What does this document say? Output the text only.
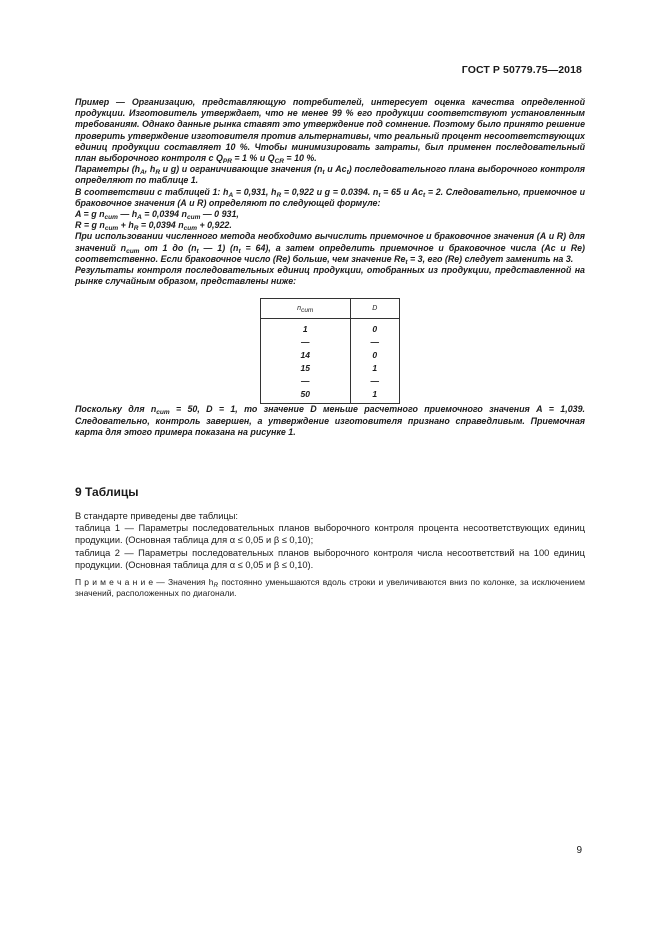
ГОСТ Р 50779.75—2018

Пример — Организацию, представляющую потребителей, интересует оценка качества определенной продукции. Изготовитель утверждает, что не менее 99 % его продукции соответствуют установленным требованиям. Однако данные рынка ставят это утверждение под сомнение. Поэтому было принято решение проверить утверждение изготовителя против альтернативы, что реальный процент несоответствующих единиц продукции составляет 10 %. Чтобы минимизировать затраты, был применен последовательный план выборочного контроля с $Q_{PR} = 1$ % и $Q_{CR} = 10$ %.

Параметры ($h_A$, $h_R$ и g) и ограничивающие значения ($n_t$ и $Ac_t$) последовательного плана выборочного контроля определяют по таблице 1.

В соответствии с таблицей 1: $h_A = 0,931$, $h_R = 0,922$ и g = 0.0394. $n_t = 65$ и $Ac_t = 2$. Следовательно, приемочное и браковочное значения (А и R) определяют по следующей формуле:

A = g $n_{cum}$ — $h_A = 0,0394$ $n_{cum}$ — 0 931,

R = g $n_{cum} + h_R = 0,0394$ $n_{cum} + 0,922$.

При использовании численного метода необходимо вычислить приемочное и браковочное значения (А и R) для значений $n_{cum}$ от 1 до ($n_t$ — 1) $(n_t = 64)$, а затем определить приемочное и браковочное числа (Ac и Re) соответственно. Если браковочное число (Re) больше, чем значение $Re_t = 3$, его (Re) следует заменить на 3.

Результаты контроля последовательных единиц продукции, отобранных из продукции, представленной на рынке случайным образом, представлены ниже:

$n_{cum}$	D
1	0
—	—
14	0
15	1
—	—
50	1

Поскольку для $n_{cum} = 50$, D = 1, то значение D меньше расчетного приемочного значения А = 1,039. Следовательно, контроль завершен, а утверждение изготовителя признано справедливым. Приемочная карта для этого примера показана на рисунке 1.

9 Таблицы

В стандарте приведены две таблицы:

таблица 1 — Параметры последовательных планов выборочного контроля процента несоответствующих единиц продукции. (Основная таблица для α ≤ 0,05 и β ≤ 0,10);

таблица 2 — Параметры последовательных планов выборочного контроля числа несоответствий на 100 единиц продукции. (Основная таблица для α ≤ 0,05 и β ≤ 0,10).

П р и м е ч а н и е — Значения $h_R$ постоянно уменьшаются вдоль строки и увеличиваются вниз по колонке, за исключением значений, расположенных по диагонали.

9
